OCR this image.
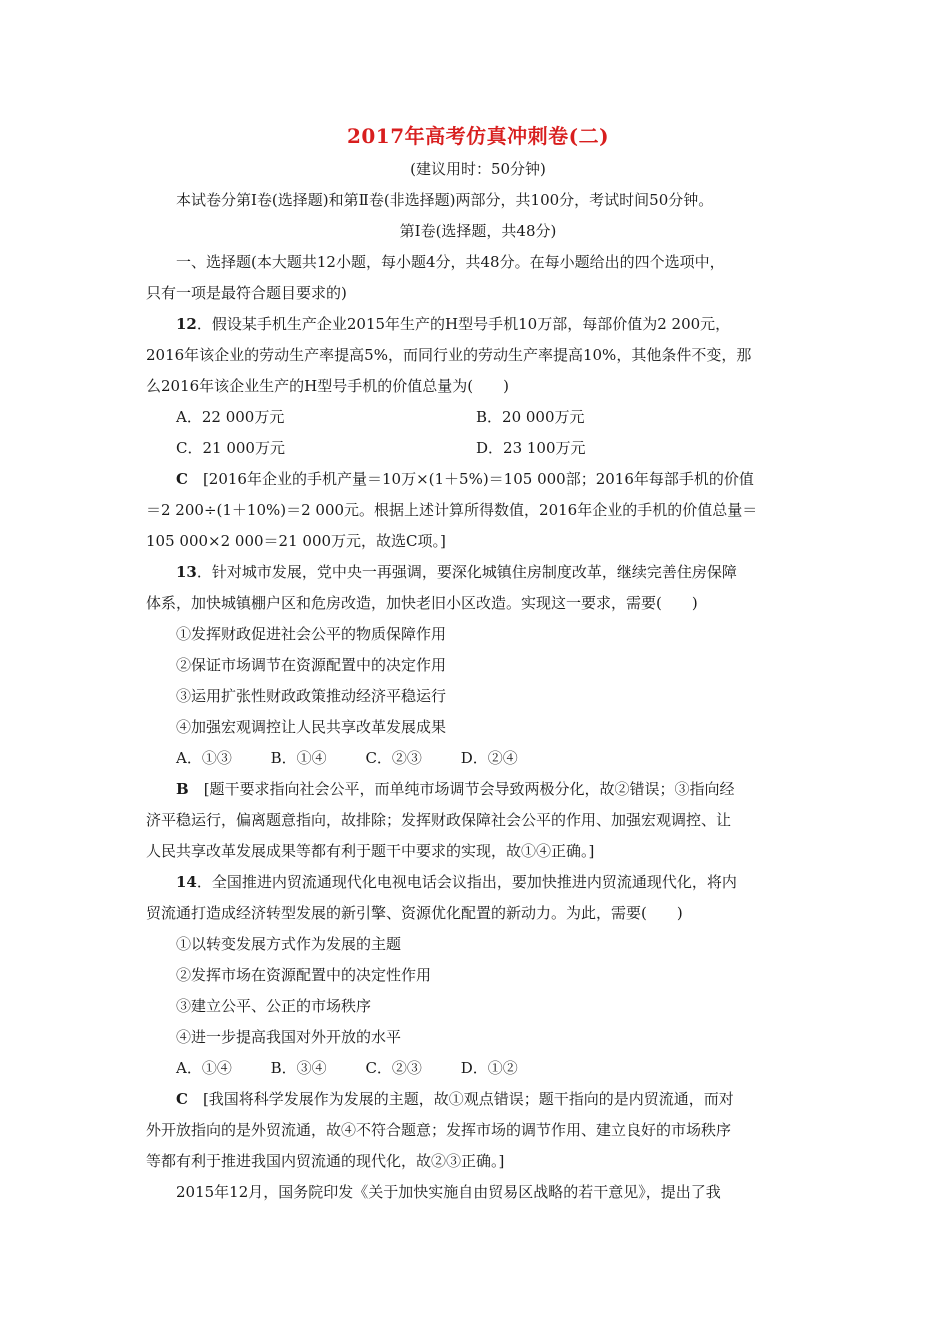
2017年高考仿真冲刺卷(二)
(建议用时：50分钟)
本试卷分第Ⅰ卷(选择题)和第Ⅱ卷(非选择题)两部分，共100分，考试时间50分钟。
第Ⅰ卷(选择题，共48分)
一、选择题(本大题共12小题，每小题4分，共48分。在每小题给出的四个选项中，
只有一项是最符合题目要求的)
12．假设某手机生产企业2015年生产的H型号手机10万部，每部价值为2 200元，
2016年该企业的劳动生产率提高5%，而同行业的劳动生产率提高10%，其他条件不变，那
么2016年该企业生产的H型号手机的价值总量为(　　)
A．22 000万元	B．20 000万元
C．21 000万元	D．23 100万元
C　[2016年企业的手机产量＝10万×(1＋5%)＝105 000部；2016年每部手机的价值
＝2 200÷(1＋10%)＝2 000元。根据上述计算所得数值，2016年企业的手机的价值总量＝
105 000×2 000＝21 000万元，故选C项。]
13．针对城市发展，党中央一再强调，要深化城镇住房制度改革，继续完善住房保障
体系，加快城镇棚户区和危房改造，加快老旧小区改造。实现这一要求，需要(　　)
①发挥财政促进社会公平的物质保障作用
②保证市场调节在资源配置中的决定作用
③运用扩张性财政政策推动经济平稳运行
④加强宏观调控让人民共享改革发展成果
A．①③	B．①④	C．②③	D．②④
B　[题干要求指向社会公平，而单纯市场调节会导致两极分化，故②错误；③指向经
济平稳运行，偏离题意指向，故排除；发挥财政保障社会公平的作用、加强宏观调控、让
人民共享改革发展成果等都有利于题干中要求的实现，故①④正确。]
14．全国推进内贸流通现代化电视电话会议指出，要加快推进内贸流通现代化，将内
贸流通打造成经济转型发展的新引擎、资源优化配置的新动力。为此，需要(　　)
①以转变发展方式作为发展的主题
②发挥市场在资源配置中的决定性作用
③建立公平、公正的市场秩序
④进一步提高我国对外开放的水平
A．①④	B．③④	C．②③	D．①②
C　[我国将科学发展作为发展的主题，故①观点错误；题干指向的是内贸流通，而对
外开放指向的是外贸流通，故④不符合题意；发挥市场的调节作用、建立良好的市场秩序
等都有利于推进我国内贸流通的现代化，故②③正确。]
2015年12月，国务院印发《关于加快实施自由贸易区战略的若干意见》，提出了我
